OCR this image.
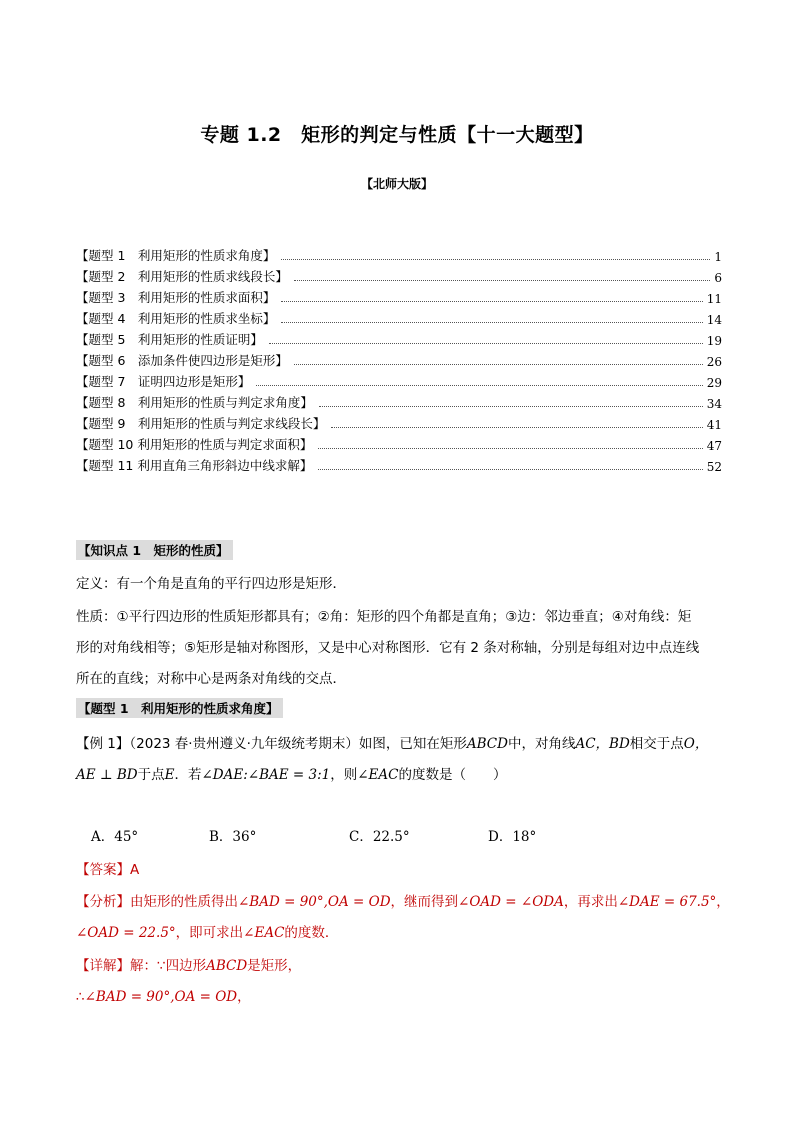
专题 1.2　矩形的判定与性质【十一大题型】
【北师大版】
【题型 1　利用矩形的性质求角度】	1
【题型 2　利用矩形的性质求线段长】	6
【题型 3　利用矩形的性质求面积】	11
【题型 4　利用矩形的性质求坐标】	14
【题型 5　利用矩形的性质证明】	19
【题型 6　添加条件使四边形是矩形】	26
【题型 7　证明四边形是矩形】	29
【题型 8　利用矩形的性质与判定求角度】	34
【题型 9　利用矩形的性质与判定求线段长】	41
【题型 10 利用矩形的性质与判定求面积】	47
【题型 11 利用直角三角形斜边中线求解】	52
【知识点 1　矩形的性质】
定义：有一个角是直角的平行四边形是矩形．
性质：①平行四边形的性质矩形都具有；②角：矩形的四个角都是直角；③边：邻边垂直；④对角线：矩
形的对角线相等；⑤矩形是轴对称图形，又是中心对称图形．它有 2 条对称轴，分别是每组对边中点连线
所在的直线；对称中心是两条对角线的交点．
【题型 1　利用矩形的性质求角度】
【例 1】（2023 春·贵州遵义·九年级统考期末）如图，已知在矩形ABCD中，对角线AC，BD相交于点O，
AE ⊥ BD于点E．若∠DAE:∠BAE = 3:1，则∠EAC的度数是（　　）
A．45°	B．36°	C．22.5°	D．18°
【答案】A
【分析】由矩形的性质得出∠BAD = 90°,OA = OD，继而得到∠OAD = ∠ODA，再求出∠DAE = 67.5°，
∠OAD = 22.5°，即可求出∠EAC的度数．
【详解】解：∵四边形ABCD是矩形，
∴∠BAD = 90°,OA = OD，
